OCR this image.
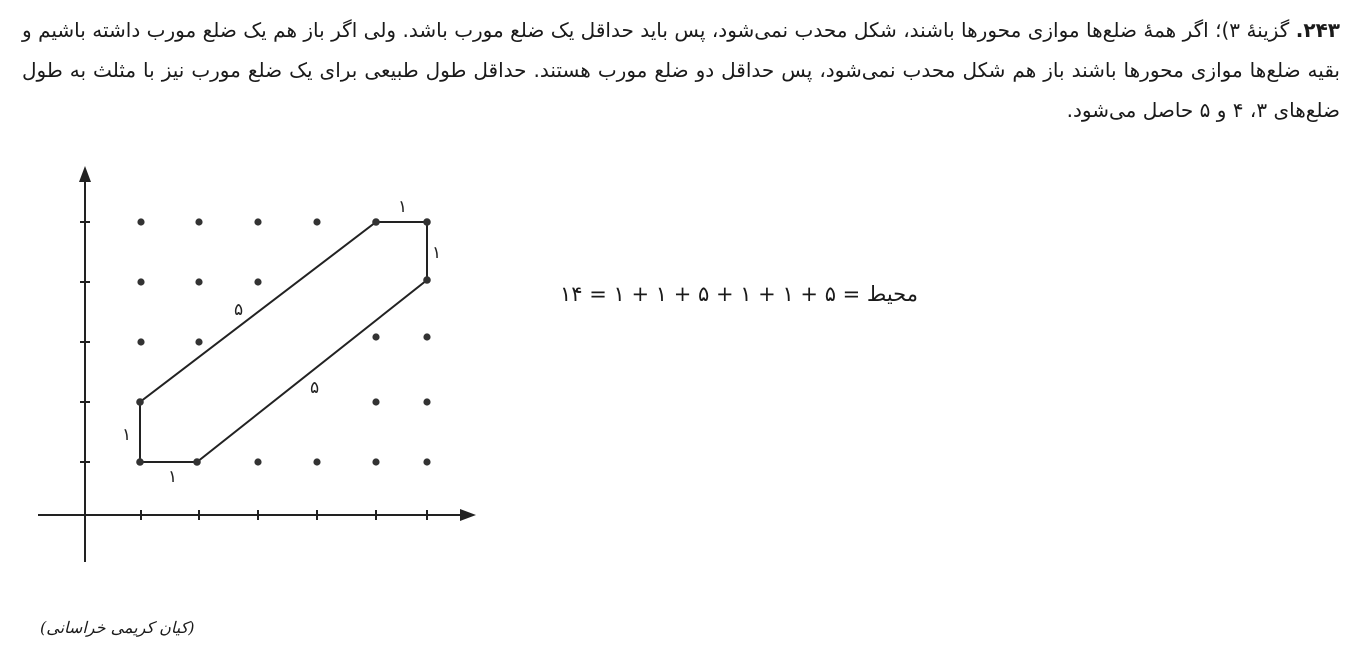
۲۴۳. گزینهٔ ۳)؛ اگر همهٔ ضلع‌ها موازی محورها باشند، شکل محدب نمی‌شود، پس باید حداقل یک ضلع مورب باشد. ولی اگر باز هم یک ضلع مورب داشته باشیم و بقیه ضلع‌ها موازی محورها باشند باز هم شکل محدب نمی‌شود، پس حداقل دو ضلع مورب هستند. حداقل طول طبیعی برای یک ضلع مورب نیز با مثلث به طول ضلع‌های ۳، ۴ و ۵ حاصل می‌شود.
۱
۱
۵
۵
۱
۱
محیط = ۵ + ۱ + ۱ + ۵ + ۱ + ۱ = ۱۴
(کیان کریمی خراسانی)
